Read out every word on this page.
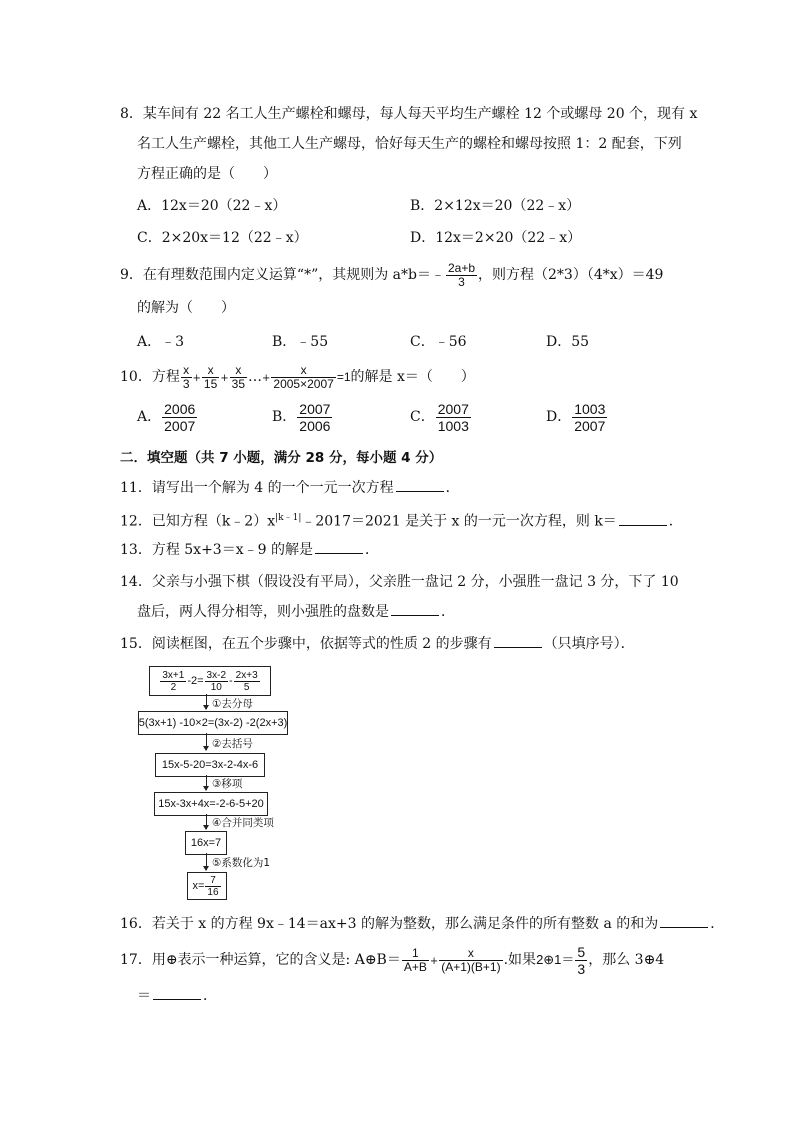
8．某车间有 22 名工人生产螺栓和螺母，每人每天平均生产螺栓 12 个或螺母 20 个，现有 x
名工人生产螺栓，其他工人生产螺母，恰好每天生产的螺栓和螺母按照 1：2 配套，下列
方程正确的是（　　）
A．12x＝20（22﹣x）	B．2×12x＝20（22﹣x）
C．2×20x＝12（22﹣x）	D．12x＝2×20（22﹣x）
9．在有理数范围内定义运算“*”，其规则为 a*b＝﹣ $\frac{2a+b}{3}$ ，则方程（2*3）（4*x）＝49
的解为（　　）
A．﹣3	B．﹣55	C．﹣56	D．55
10．方程 $\frac{x}{3} + \frac{x}{15} + \frac{x}{35}$ …+ $\frac{x}{2005\times 2007} =1$的解是 x＝（　　）
A． $\frac{2006}{2007}$	B． $\frac{2007}{2006}$	C． $\frac{2007}{1003}$	D． $\frac{1003}{2007}$
二．填空题（共 7 小题，满分 28 分，每小题 4 分）
11．请写出一个解为 4 的一个一元一次方程	．
12．已知方程$(k﹣2)x^{|k﹣1|}﹣2017=2021$ 是关于 x 的一元一次方程，则 k＝	．
13．方程 5x+3＝x﹣9 的解是	．
14．父亲与小强下棋（假设没有平局），父亲胜一盘记 2 分，小强胜一盘记 3 分，下了 10
盘后，两人得分相等，则小强胜的盘数是	．
15．阅读框图，在五个步骤中，依据等式的性质 2 的步骤有	（只填序号）．
$\frac{3x+1}{2} -2= \frac{3x-2}{10} - \frac{2x+3}{5}$
①去分母
5(3x+1) -10×2=(3x-2) -2(2x+3)
②去括号
15x-5-20=3x-2-4x-6
③移项
15x-3x+4x=-2-6-5+20
④合并同类项
16x=7
⑤系数化为1
$x= \frac{7}{16}$
16．若关于 x 的方程 9x﹣14＝ax+3 的解为整数，那么满足条件的所有整数 a 的和为	．
17．用⊕表示一种运算，它的含义是: A⊕B＝ $\frac{1}{A+B} + \frac{x}{(A+1)(B+1)}$ .如果2⊕1＝ $\frac{5}{3}$ ，那么 3⊕4
＝	．
